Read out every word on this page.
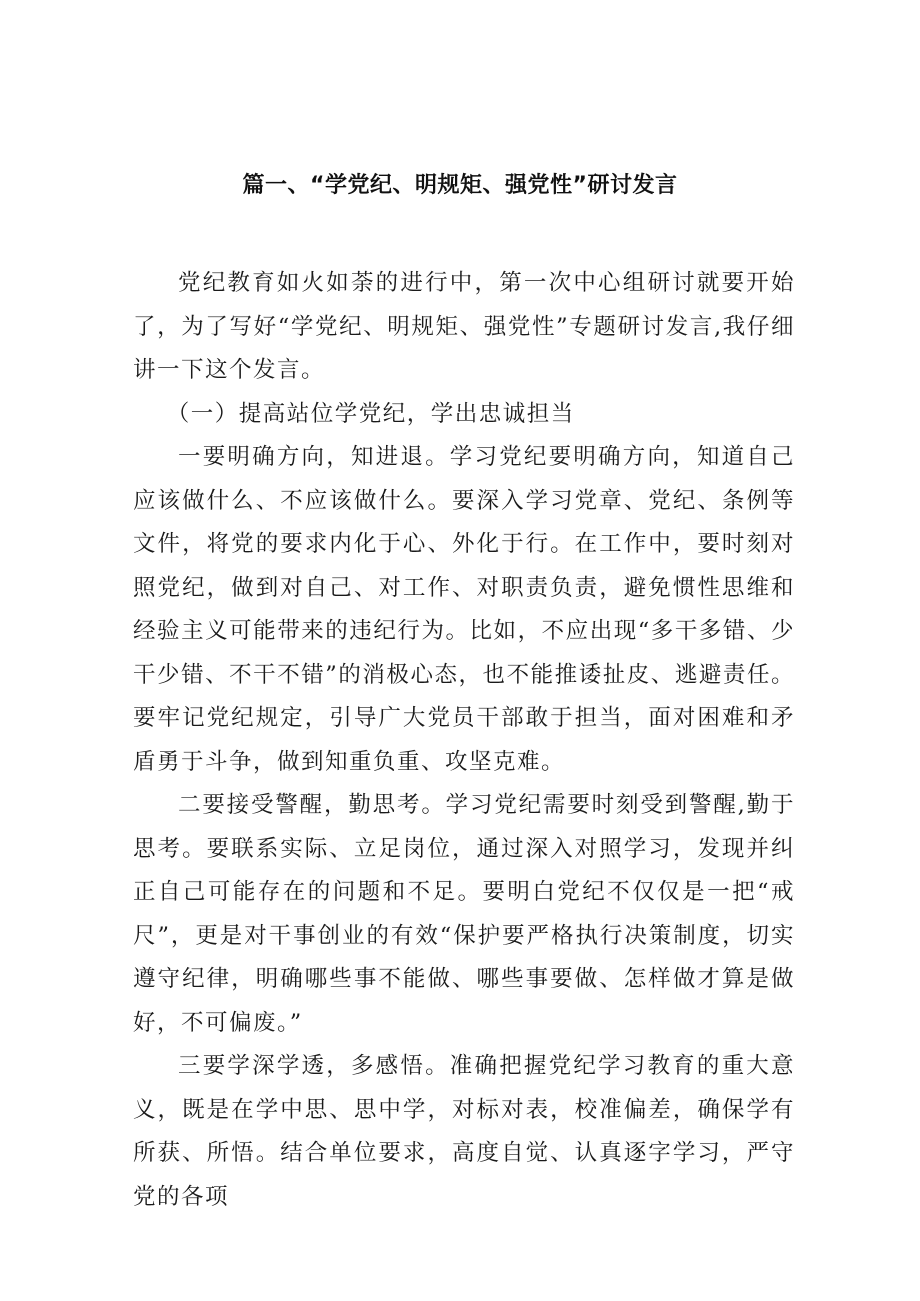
篇一、“学党纪、明规矩、强党性”研讨发言

党纪教育如火如荼的进行中，第一次中心组研讨就要开始了，为了写好“学党纪、明规矩、强党性”专题研讨发言,我仔细讲一下这个发言。

（一）提高站位学党纪，学出忠诚担当

一要明确方向，知进退。学习党纪要明确方向，知道自己应该做什么、不应该做什么。要深入学习党章、党纪、条例等文件，将党的要求内化于心、外化于行。在工作中，要时刻对照党纪，做到对自己、对工作、对职责负责，避免惯性思维和经验主义可能带来的违纪行为。比如，不应出现“多干多错、少干少错、不干不错”的消极心态，也不能推诿扯皮、逃避责任。要牢记党纪规定，引导广大党员干部敢于担当，面对困难和矛盾勇于斗争，做到知重负重、攻坚克难。

二要接受警醒，勤思考。学习党纪需要时刻受到警醒,勤于思考。要联系实际、立足岗位，通过深入对照学习，发现并纠正自己可能存在的问题和不足。要明白党纪不仅仅是一把“戒尺”，更是对干事创业的有效“保护要严格执行决策制度，切实遵守纪律，明确哪些事不能做、哪些事要做、怎样做才算是做好，不可偏废。”

三要学深学透，多感悟。准确把握党纪学习教育的重大意义，既是在学中思、思中学，对标对表，校准偏差，确保学有所获、所悟。结合单位要求，高度自觉、认真逐字学习，严守党的各项
